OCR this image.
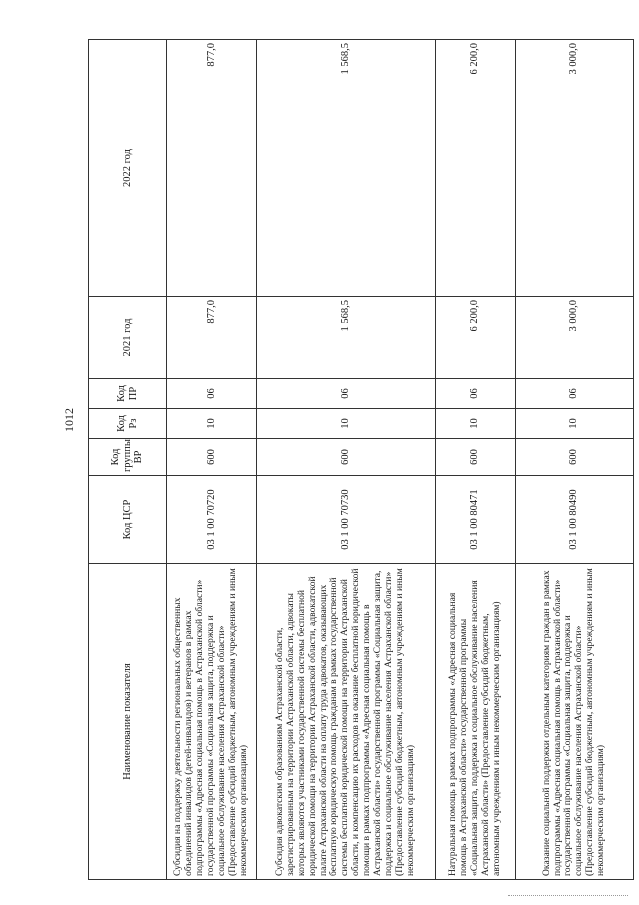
1012
Наименование показателя	Код ЦСР	Код группы ВР	Код Рз	Код ПР	2021 год	2022 год
Субсидия на поддержку деятельности региональных общественных объединений инвалидов (детей-инвалидов) и ветеранов в рамках подпрограммы «Адресная социальная помощь в Астраханской области» государственной программы «Социальная защита, поддержка и социальное обслуживание населения Астраханской области» (Предоставление субсидий бюджетным, автономным учреждениям и иным некоммерческим организациям)	03 1 00 70720	600	10	06	877,0	877,0
Субсидия адвокатским образованиям Астраханской области, зарегистрированным на территории Астраханской области, адвокаты которых являются участниками государственной системы бесплатной юридической помощи на территории Астраханской области, адвокатской палате Астраханской области на оплату труда адвокатов, оказывающих бесплатную юридическую помощь гражданам в рамках государственной системы бесплатной юридической помощи на территории Астраханской области, и компенсацию их расходов на оказание бесплатной юридической помощи в рамках подпрограммы «Адресная социальная помощь в Астраханской области» государственной программы «Социальная защита, поддержка и социальное обслуживание населения Астраханской области» (Предоставление субсидий бюджетным, автономным учреждениям и иным некоммерческим организациям)	03 1 00 70730	600	10	06	1 568,5	1 568,5
Натуральная помощь в рамках подпрограммы «Адресная социальная помощь в Астраханской области» государственной программы «Социальная защита, поддержка и социальное обслуживание населения Астраханской области» (Предоставление субсидий бюджетным, автономным учреждениям и иным некоммерческим организациям)	03 1 00 80471	600	10	06	6 200,0	6 200,0
Оказание социальной поддержки отдельным категориям граждан в рамках подпрограммы «Адресная социальная помощь в Астраханской области» государственной программы «Социальная защита, поддержка и социальное обслуживание населения Астраханской области» (Предоставление субсидий бюджетным, автономным учреждениям и иным некоммерческим организациям)	03 1 00 80490	600	10	06	3 000,0	3 000,0
